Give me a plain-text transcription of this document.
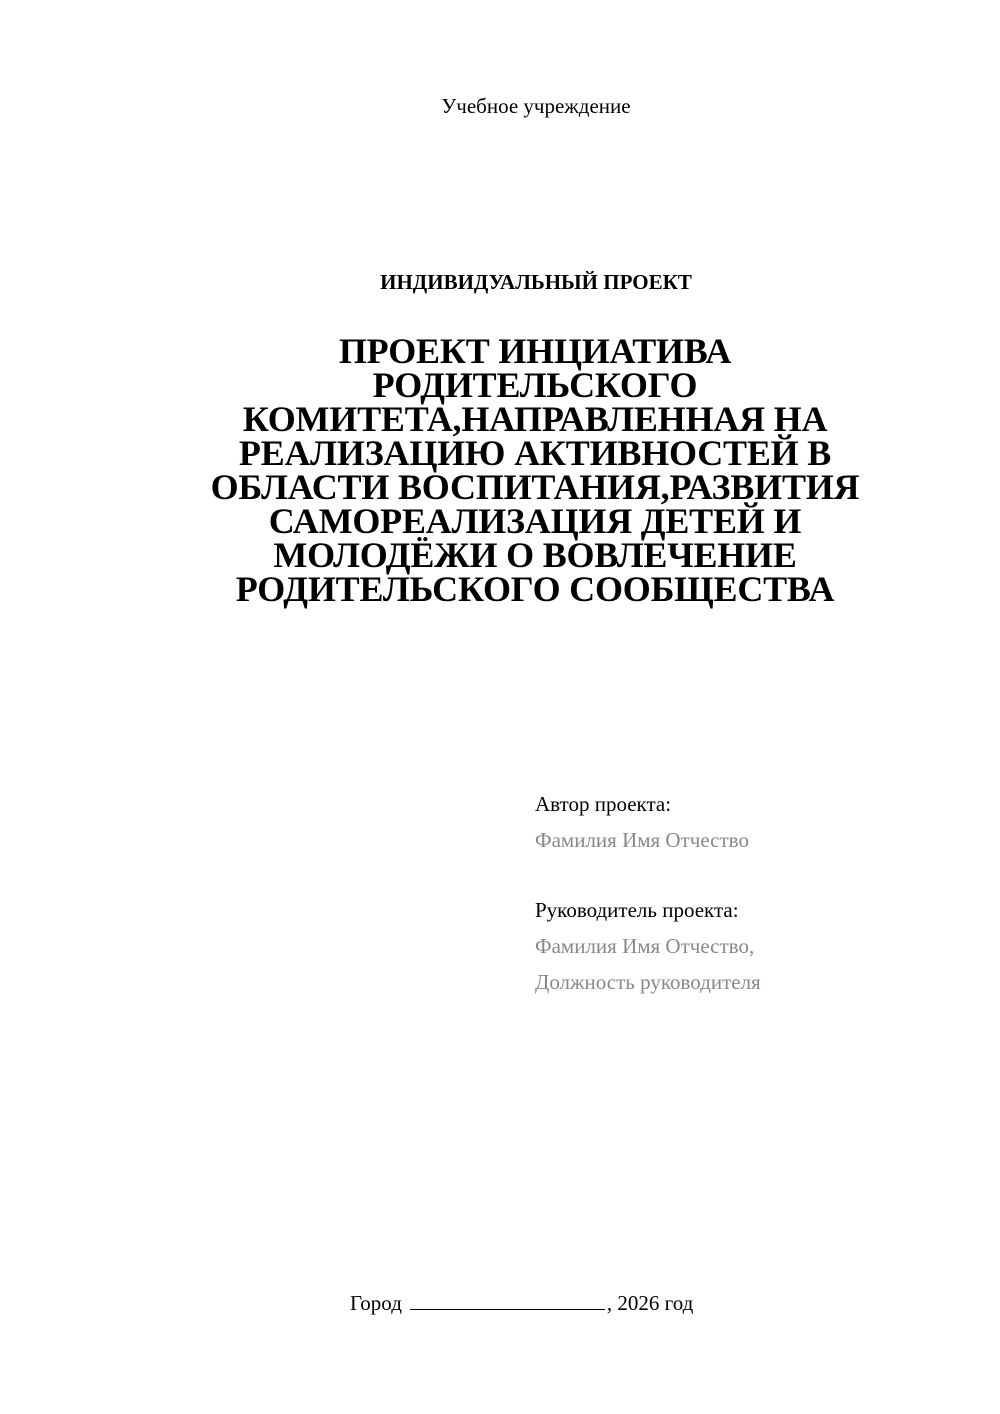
Учебное учреждение
ИНДИВИДУАЛЬНЫЙ ПРОЕКТ
ПРОЕКТ ИНЦИАТИВА
РОДИТЕЛЬСКОГО
КОМИТЕТА,НАПРАВЛЕННАЯ НА
РЕАЛИЗАЦИЮ АКТИВНОСТЕЙ В
ОБЛАСТИ ВОСПИТАНИЯ,РАЗВИТИЯ
САМОРЕАЛИЗАЦИЯ ДЕТЕЙ И
МОЛОДЁЖИ О ВОВЛЕЧЕНИЕ
РОДИТЕЛЬСКОГО СООБЩЕСТВА
Автор проекта:
Фамилия Имя Отчество
Руководитель проекта:
Фамилия Имя Отчество,
Должность руководителя
Город	, 2026 год
